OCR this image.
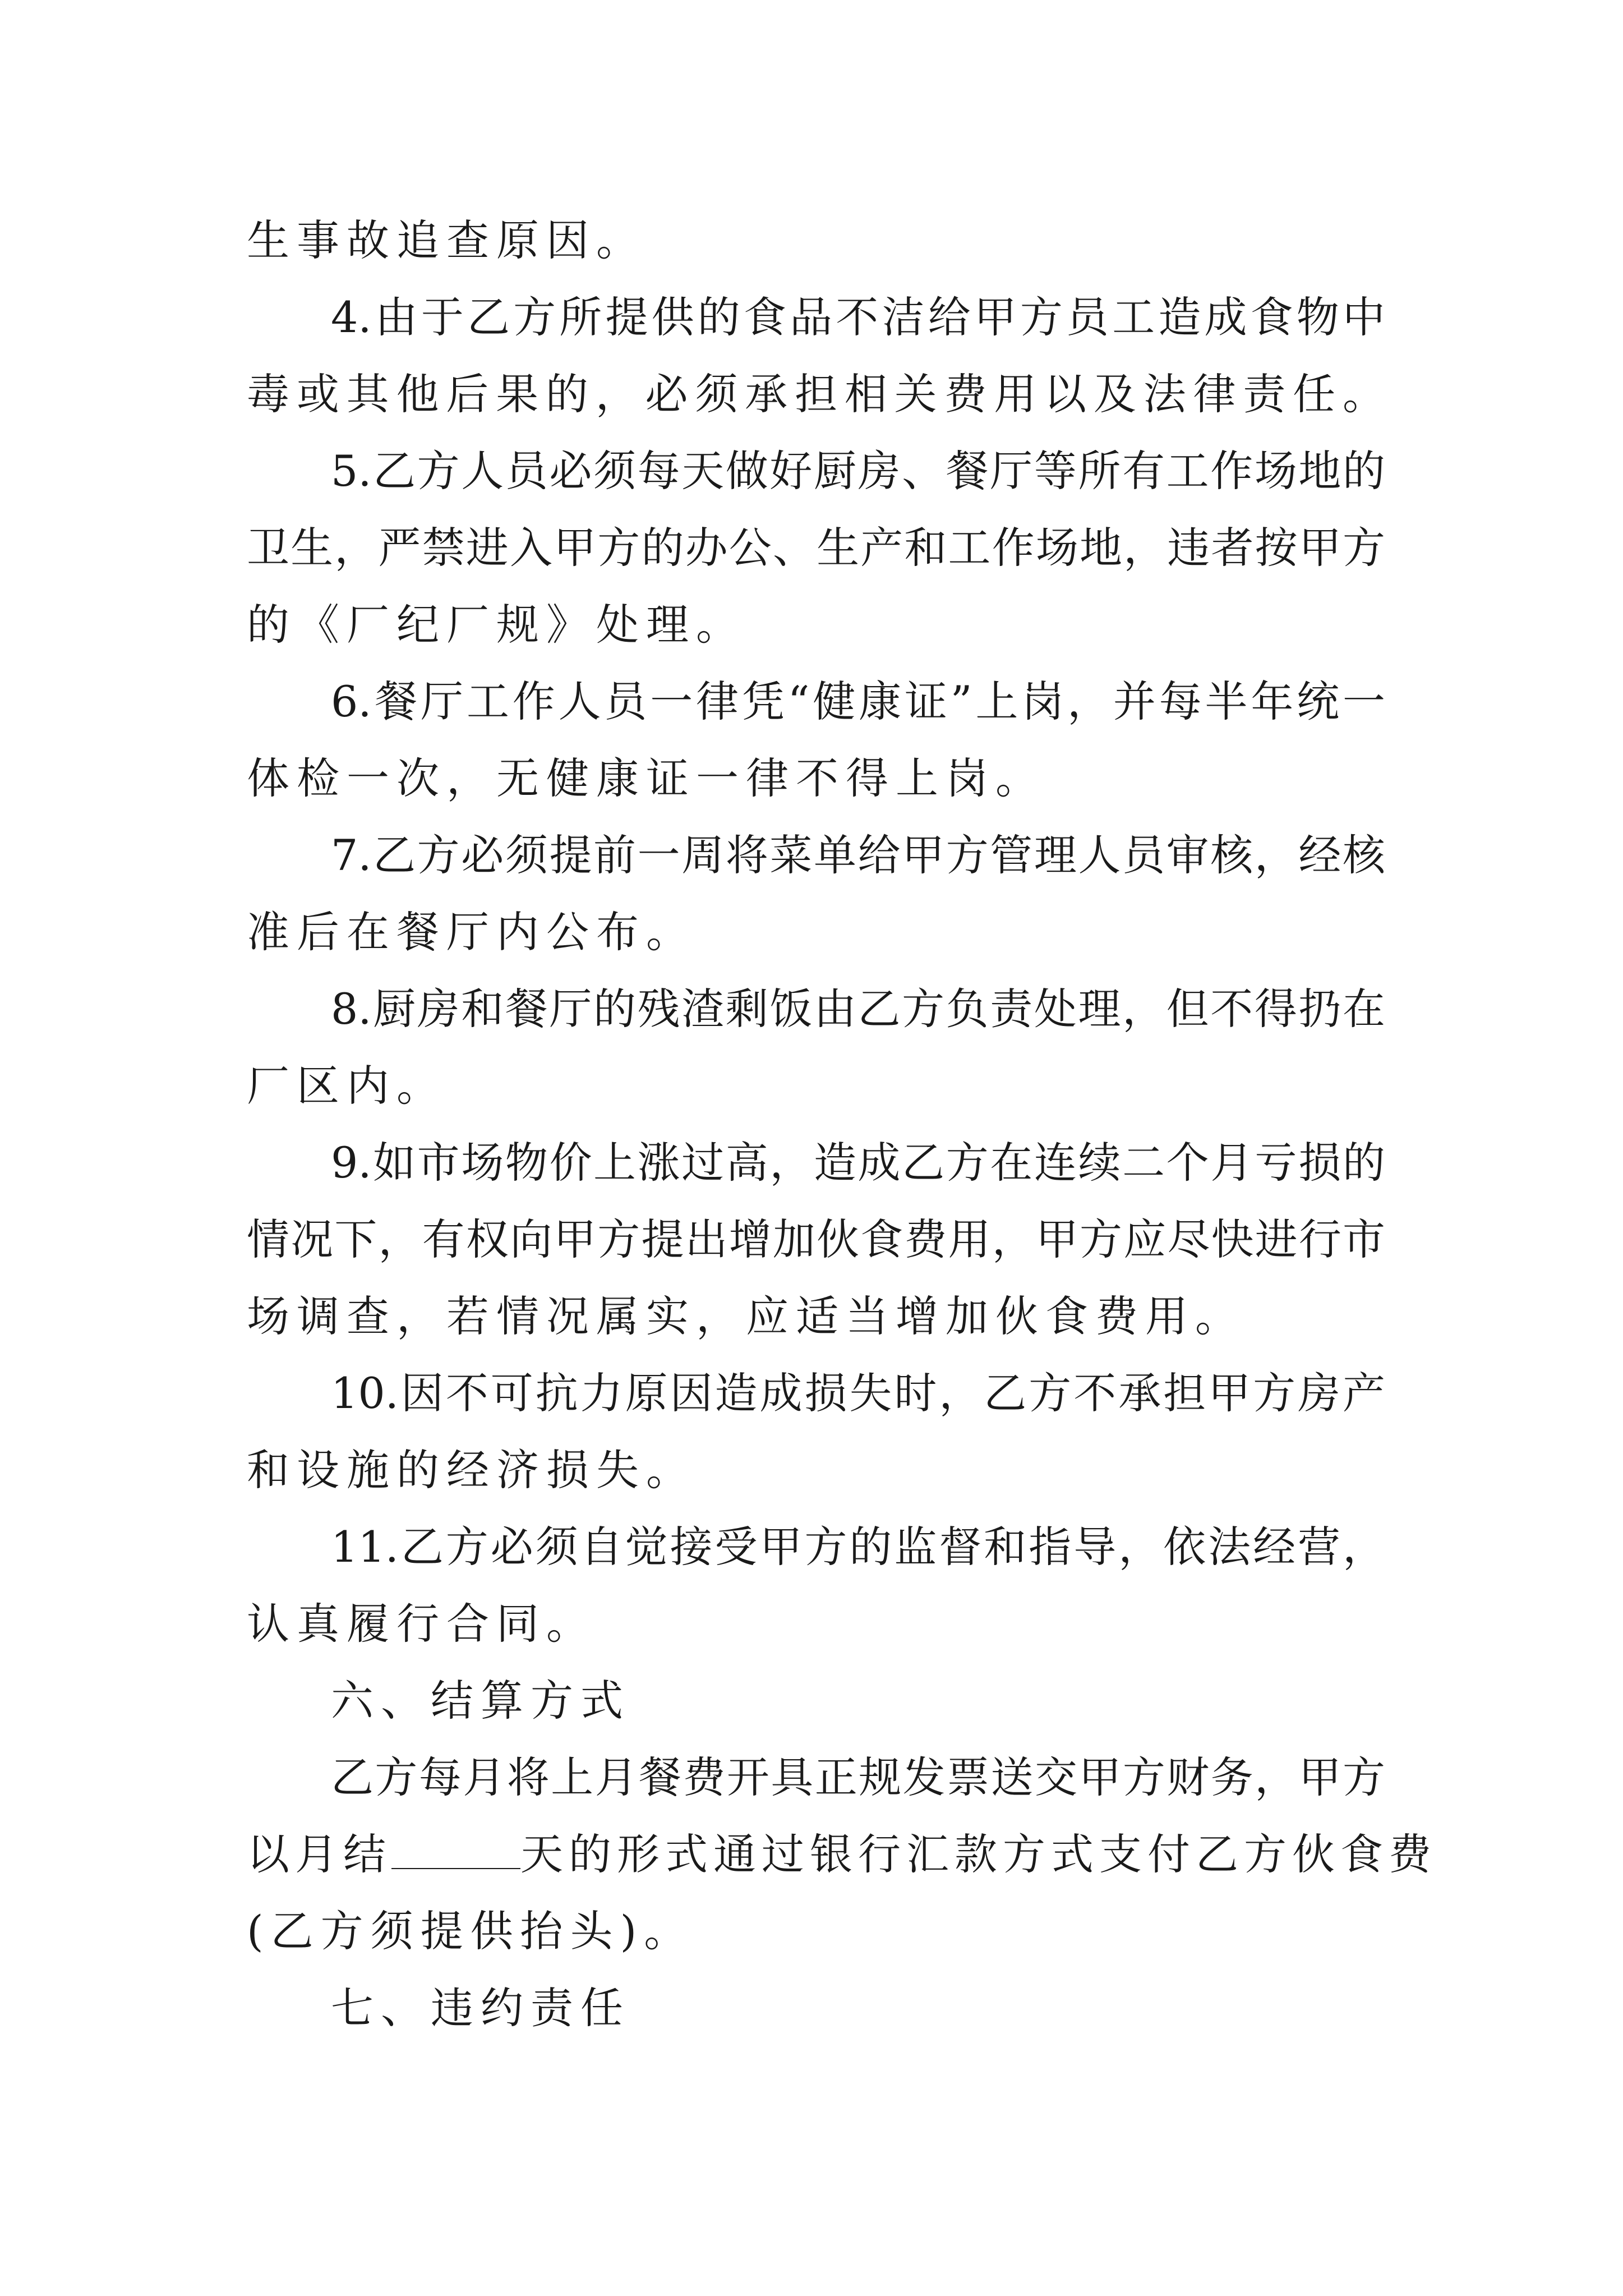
生事故追查原因。
4.由于乙方所提供的食品不洁给甲方员工造成食物中
毒或其他后果的，必须承担相关费用以及法律责任。
5.乙方人员必须每天做好厨房、餐厅等所有工作场地的
卫生，严禁进入甲方的办公、生产和工作场地，违者按甲方
的《厂纪厂规》处理。
6.餐厅工作人员一律凭“健康证”上岗，并每半年统一
体检一次，无健康证一律不得上岗。
7.乙方必须提前一周将菜单给甲方管理人员审核，经核
准后在餐厅内公布。
8.厨房和餐厅的残渣剩饭由乙方负责处理，但不得扔在
厂区内。
9.如市场物价上涨过高，造成乙方在连续二个月亏损的
情况下，有权向甲方提出增加伙食费用，甲方应尽快进行市
场调查，若情况属实，应适当增加伙食费用。
10.因不可抗力原因造成损失时，乙方不承担甲方房产
和设施的经济损失。
11.乙方必须自觉接受甲方的监督和指导，依法经营，
认真履行合同。
六、结算方式
乙方每月将上月餐费开具正规发票送交甲方财务，甲方
以月结	天的形式通过银行汇款方式支付乙方伙食费
(乙方须提供抬头)。
七、违约责任
